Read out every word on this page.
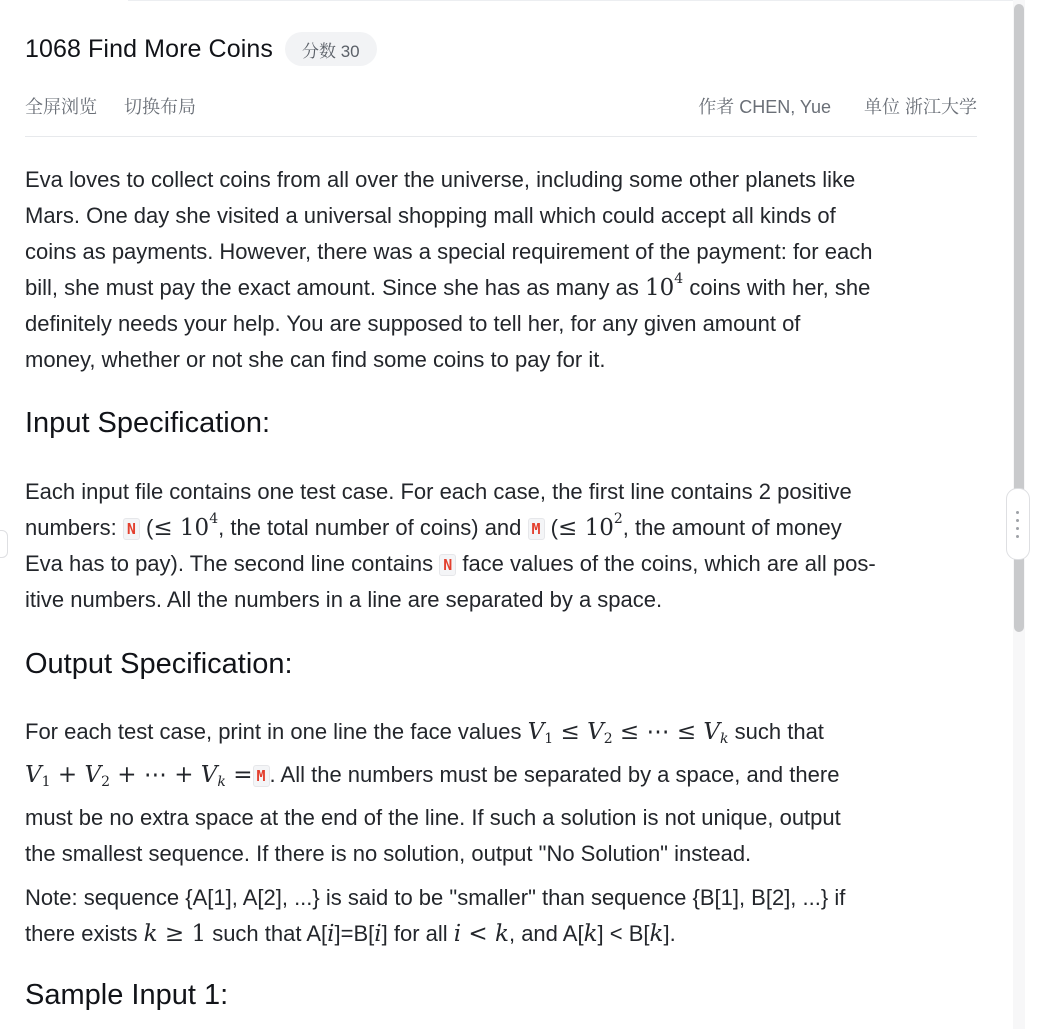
1068 Find More Coins	分数 30
全屏浏览 切换布局	作者 CHEN, Yue 单位 浙江大学

Eva loves to collect coins from all over the universe, including some other planets like

Mars. One day she visited a universal shopping mall which could accept all kinds of

coins as payments. However, there was a special requirement of the payment: for each

bill, she must pay the exact amount. Since she has as many as $10^4$ coins with her, she

definitely needs your help. You are supposed to tell her, for any given amount of

money, whether or not she can find some coins to pay for it.

Input Specification:

Each input file contains one test case. For each case, the first line contains 2 positive

numbers: N (≤ $10^4$, the total number of coins) and M (≤ $10^2$, the amount of money

Eva has to pay). The second line contains N face values of the coins, which are all pos-

itive numbers. All the numbers in a line are separated by a space.

Output Specification:

For each test case, print in one line the face values $V_1 \le V_2$ ≤ ⋯ ≤ $V_k$ such that

$V_1 + V_2$ + ⋯ + $V_k = M$ . All the numbers must be separated by a space, and there

must be no extra space at the end of the line. If such a solution is not unique, output

the smallest sequence. If there is no solution, output "No Solution" instead.

Note: sequence {A[1], A[2], ...} is said to be "smaller" than sequence {B[1], B[2], ...} if

there exists k ≥ 1 such that A[i]=B[i] for all i < k, and A[k] < B[k].

Sample Input 1:
